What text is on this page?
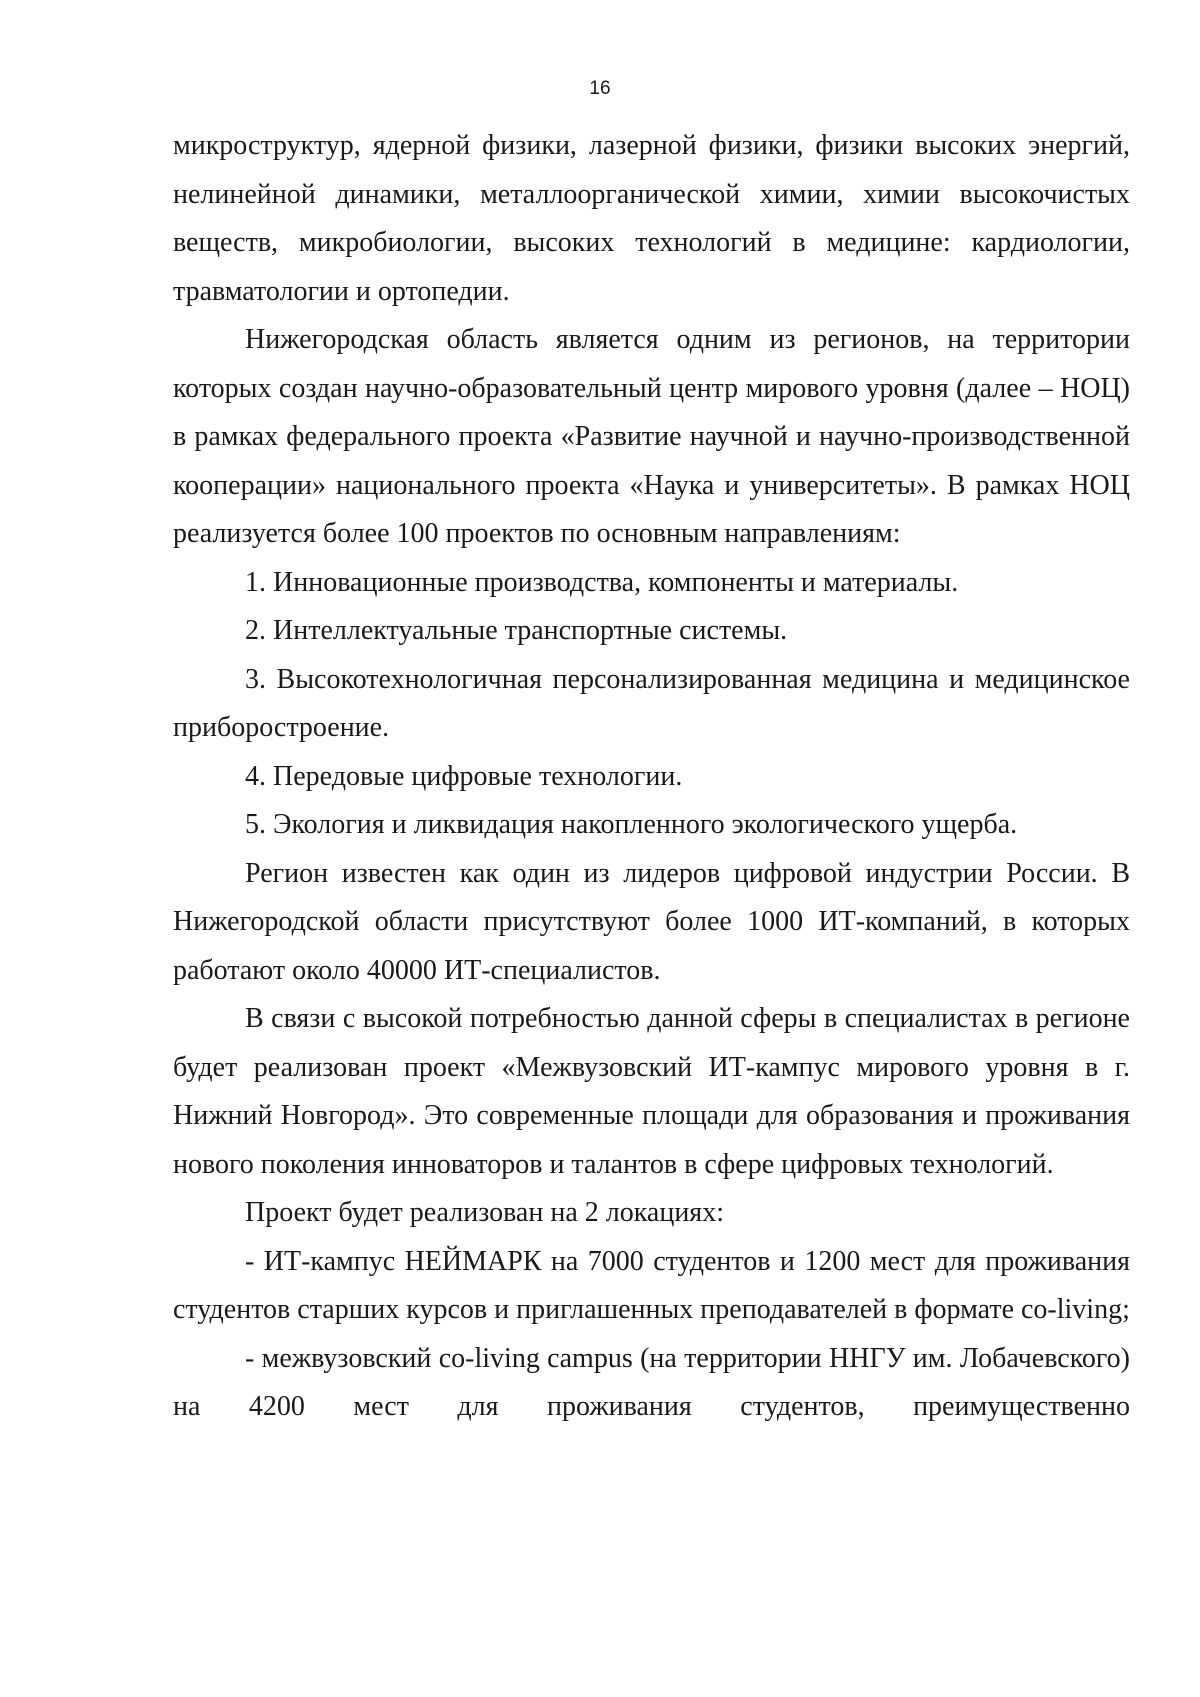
16

микроструктур, ядерной физики, лазерной физики, физики высоких энергий, нелинейной динамики, металлоорганической химии, химии высокочистых веществ, микробиологии, высоких технологий в медицине: кардиологии, травматологии и ортопедии.

Нижегородская область является одним из регионов, на территории которых создан научно-образовательный центр мирового уровня (далее – НОЦ) в рамках федерального проекта «Развитие научной и научно-производственной кооперации» национального проекта «Наука и университеты». В рамках НОЦ реализуется более 100 проектов по основным направлениям:

1. Инновационные производства, компоненты и материалы.

2. Интеллектуальные транспортные системы.

3. Высокотехнологичная персонализированная медицина и медицинское приборостроение.

4. Передовые цифровые технологии.

5. Экология и ликвидация накопленного экологического ущерба.

Регион известен как один из лидеров цифровой индустрии России. В Нижегородской области присутствуют более 1000 ИТ-компаний, в которых работают около 40000 ИТ-специалистов.

В связи с высокой потребностью данной сферы в специалистах в регионе будет реализован проект «Межвузовский ИТ-кампус мирового уровня в г. Нижний Новгород». Это современные площади для образования и проживания нового поколения инноваторов и талантов в сфере цифровых технологий.

Проект будет реализован на 2 локациях:

- ИТ-кампус НЕЙМАРК на 7000 студентов и 1200 мест для проживания студентов старших курсов и приглашенных преподавателей в формате co-living;

- межвузовский co-living campus (на территории ННГУ им. Лобачевского) на 4200 мест для проживания студентов, преимущественно
